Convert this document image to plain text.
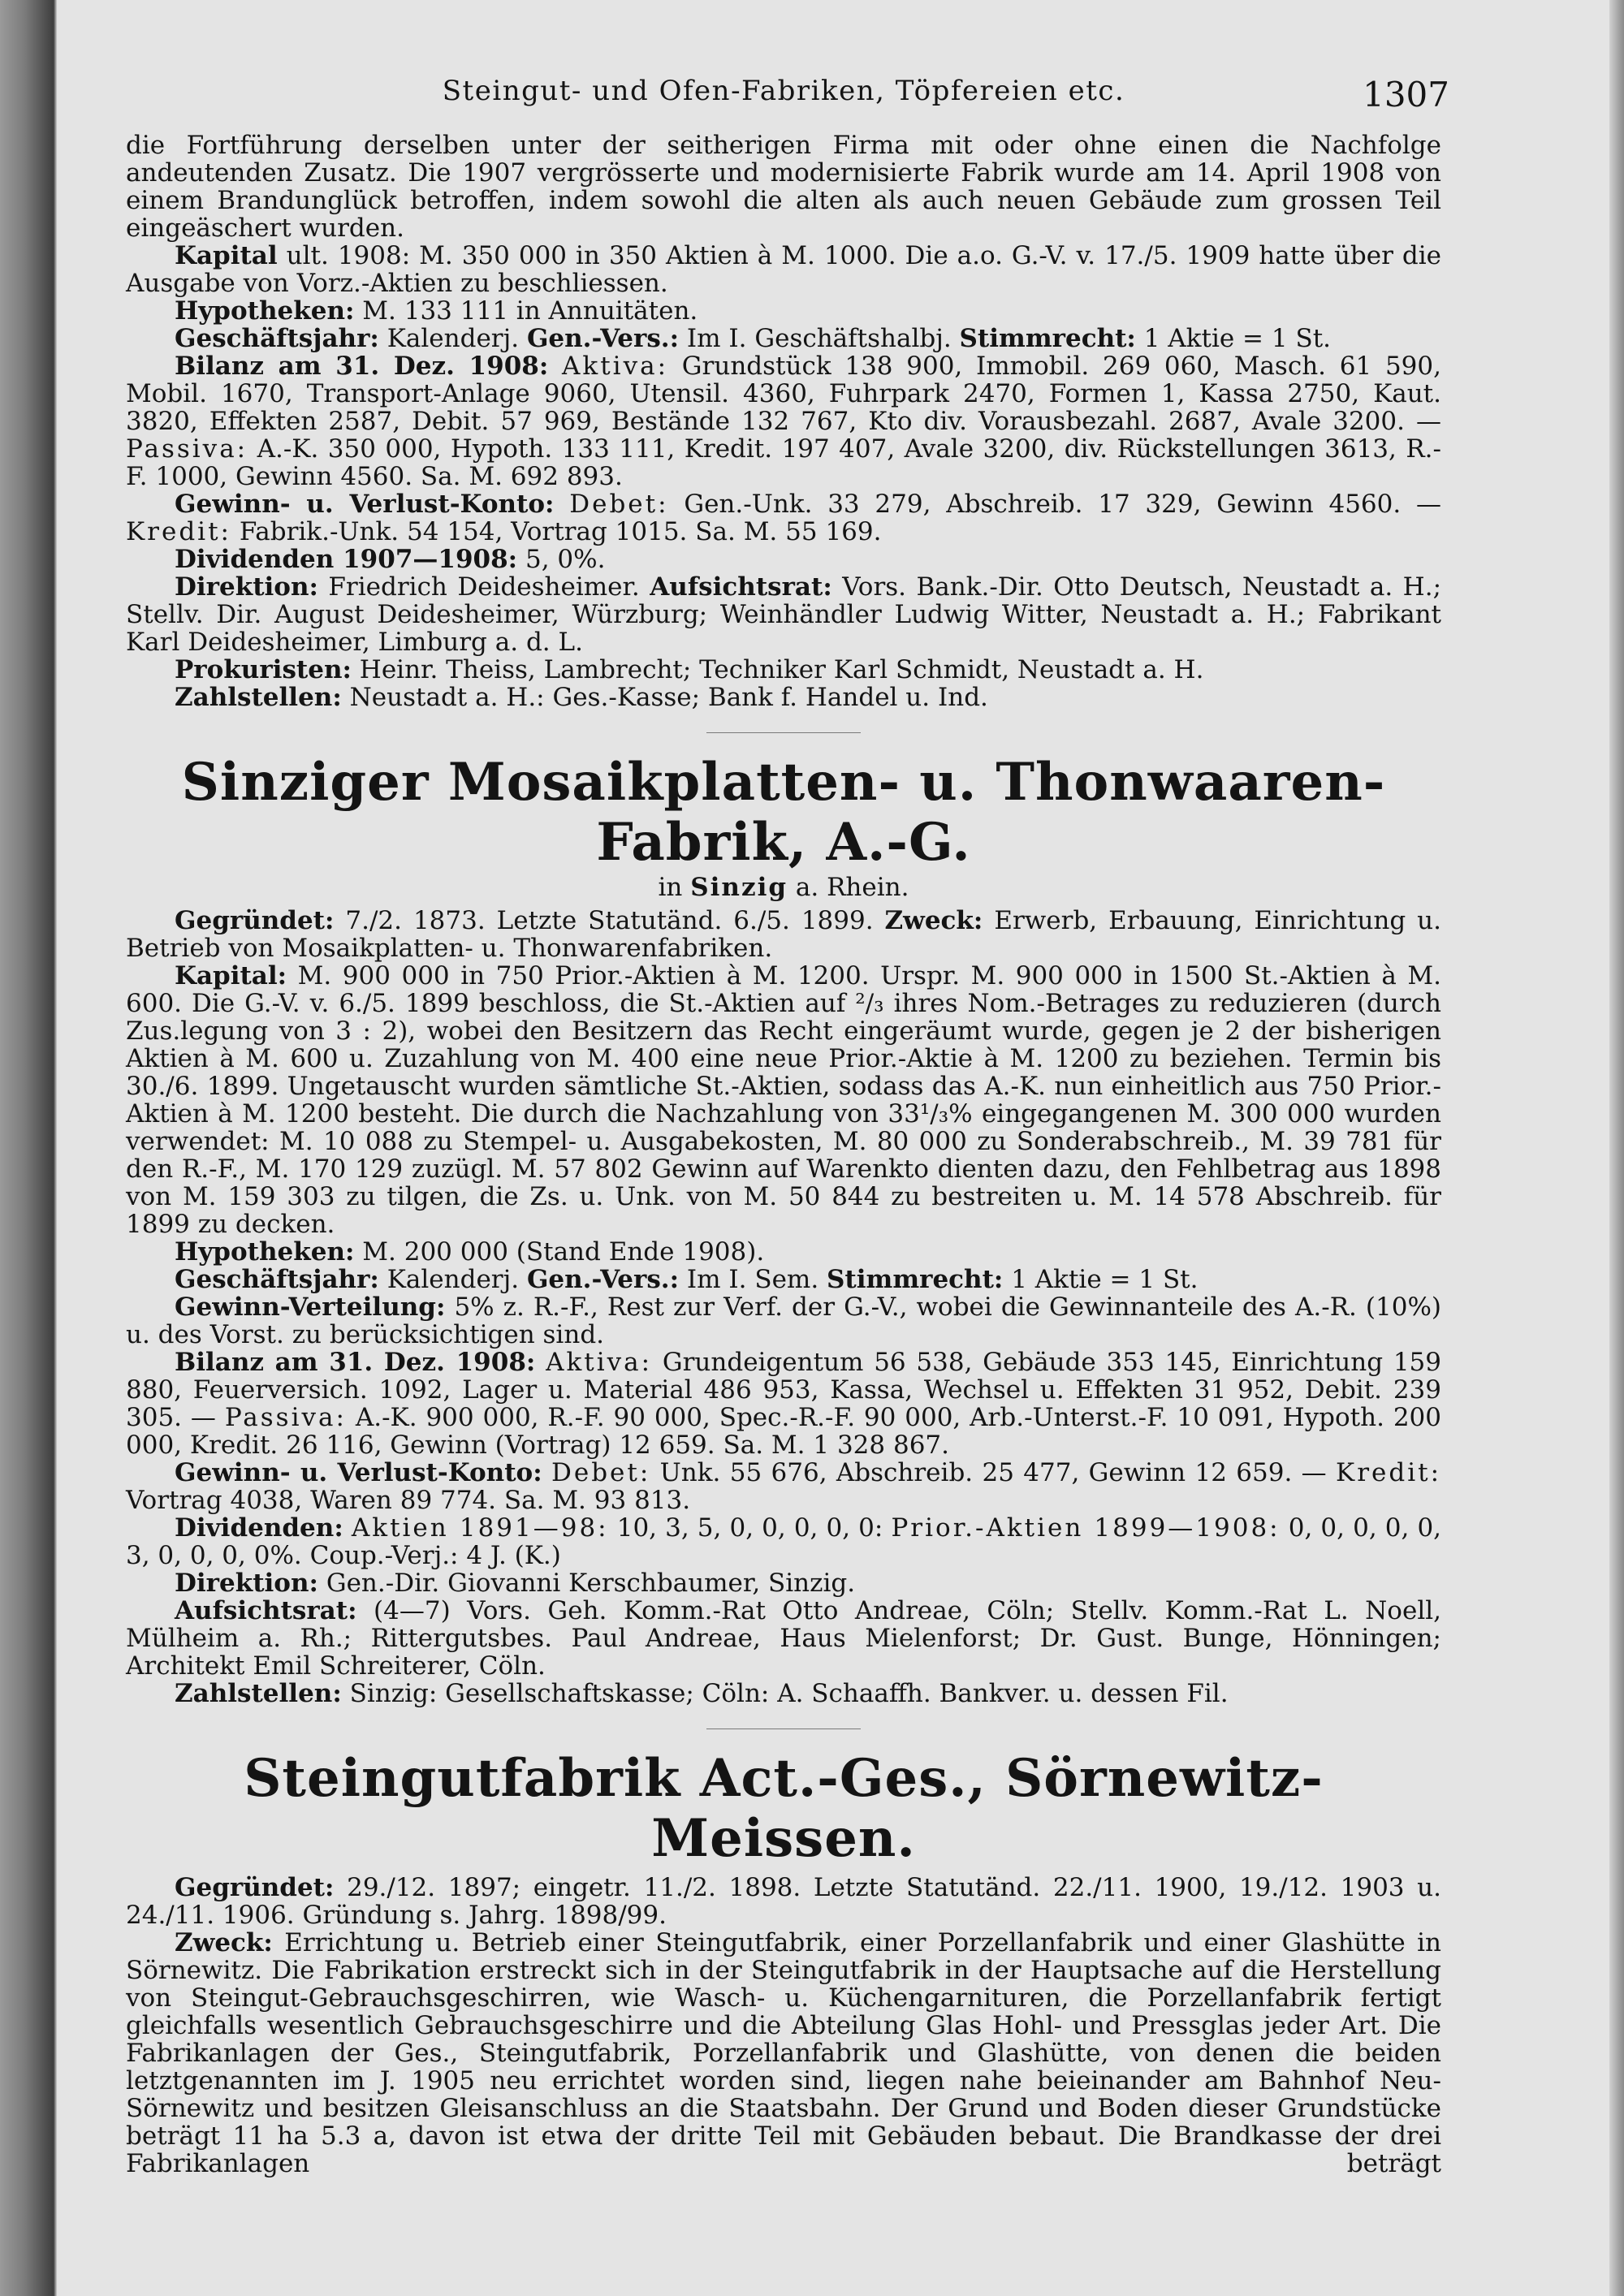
Steingut- und Ofen-Fabriken, Töpfereien etc.	1307

die Fortführung derselben unter der seitherigen Firma mit oder ohne einen die Nachfolge andeutenden Zusatz. Die 1907 vergrösserte und modernisierte Fabrik wurde am 14. April 1908 von einem Brandunglück betroffen, indem sowohl die alten als auch neuen Gebäude zum grossen Teil eingeäschert wurden.

Kapital ult. 1908: M. 350 000 in 350 Aktien à M. 1000. Die a.o. G.-V. v. 17./5. 1909 hatte über die Ausgabe von Vorz.-Aktien zu beschliessen.

Hypotheken: M. 133 111 in Annuitäten.

Geschäftsjahr: Kalenderj. Gen.-Vers.: Im I. Geschäftshalbj. Stimmrecht: 1 Aktie = 1 St.

Bilanz am 31. Dez. 1908: Aktiva: Grundstück 138 900, Immobil. 269 060, Masch. 61 590, Mobil. 1670, Transport-Anlage 9060, Utensil. 4360, Fuhrpark 2470, Formen 1, Kassa 2750, Kaut. 3820, Effekten 2587, Debit. 57 969, Bestände 132 767, Kto div. Vorausbezahl. 2687, Avale 3200. — Passiva: A.-K. 350 000, Hypoth. 133 111, Kredit. 197 407, Avale 3200, div. Rückstellungen 3613, R.-F. 1000, Gewinn 4560. Sa. M. 692 893.

Gewinn- u. Verlust-Konto: Debet: Gen.-Unk. 33 279, Abschreib. 17 329, Gewinn 4560. — Kredit: Fabrik.-Unk. 54 154, Vortrag 1015. Sa. M. 55 169.

Dividenden 1907—1908: 5, 0%.

Direktion: Friedrich Deidesheimer. Aufsichtsrat: Vors. Bank.-Dir. Otto Deutsch, Neustadt a. H.; Stellv. Dir. August Deidesheimer, Würzburg; Weinhändler Ludwig Witter, Neustadt a. H.; Fabrikant Karl Deidesheimer, Limburg a. d. L.

Prokuristen: Heinr. Theiss, Lambrecht; Techniker Karl Schmidt, Neustadt a. H.

Zahlstellen: Neustadt a. H.: Ges.-Kasse; Bank f. Handel u. Ind.

Sinziger Mosaikplatten- u. Thonwaaren-Fabrik, A.-G.
in Sinzig a. Rhein.

Gegründet: 7./2. 1873. Letzte Statutänd. 6./5. 1899. Zweck: Erwerb, Erbauung, Einrichtung u. Betrieb von Mosaikplatten- u. Thonwarenfabriken.

Kapital: M. 900 000 in 750 Prior.-Aktien à M. 1200. Urspr. M. 900 000 in 1500 St.-Aktien à M. 600. Die G.-V. v. 6./5. 1899 beschloss, die St.-Aktien auf ²/₃ ihres Nom.-Betrages zu reduzieren (durch Zus.legung von 3 : 2), wobei den Besitzern das Recht eingeräumt wurde, gegen je 2 der bisherigen Aktien à M. 600 u. Zuzahlung von M. 400 eine neue Prior.-Aktie à M. 1200 zu beziehen. Termin bis 30./6. 1899. Ungetauscht wurden sämtliche St.-Aktien, sodass das A.-K. nun einheitlich aus 750 Prior.-Aktien à M. 1200 besteht. Die durch die Nachzahlung von 33¹/₃% eingegangenen M. 300 000 wurden verwendet: M. 10 088 zu Stempel- u. Ausgabekosten, M. 80 000 zu Sonderabschreib., M. 39 781 für den R.-F., M. 170 129 zuzügl. M. 57 802 Gewinn auf Warenkto dienten dazu, den Fehlbetrag aus 1898 von M. 159 303 zu tilgen, die Zs. u. Unk. von M. 50 844 zu bestreiten u. M. 14 578 Abschreib. für 1899 zu decken.

Hypotheken: M. 200 000 (Stand Ende 1908).

Geschäftsjahr: Kalenderj. Gen.-Vers.: Im I. Sem. Stimmrecht: 1 Aktie = 1 St.

Gewinn-Verteilung: 5% z. R.-F., Rest zur Verf. der G.-V., wobei die Gewinnanteile des A.-R. (10%) u. des Vorst. zu berücksichtigen sind.

Bilanz am 31. Dez. 1908: Aktiva: Grundeigentum 56 538, Gebäude 353 145, Einrichtung 159 880, Feuerversich. 1092, Lager u. Material 486 953, Kassa, Wechsel u. Effekten 31 952, Debit. 239 305. — Passiva: A.-K. 900 000, R.-F. 90 000, Spec.-R.-F. 90 000, Arb.-Unterst.-F. 10 091, Hypoth. 200 000, Kredit. 26 116, Gewinn (Vortrag) 12 659. Sa. M. 1 328 867.

Gewinn- u. Verlust-Konto: Debet: Unk. 55 676, Abschreib. 25 477, Gewinn 12 659. — Kredit: Vortrag 4038, Waren 89 774. Sa. M. 93 813.

Dividenden: Aktien 1891—98: 10, 3, 5, 0, 0, 0, 0, 0: Prior.-Aktien 1899—1908: 0, 0, 0, 0, 0, 3, 0, 0, 0, 0%. Coup.-Verj.: 4 J. (K.)

Direktion: Gen.-Dir. Giovanni Kerschbaumer, Sinzig.

Aufsichtsrat: (4—7) Vors. Geh. Komm.-Rat Otto Andreae, Cöln; Stellv. Komm.-Rat L. Noell, Mülheim a. Rh.; Rittergutsbes. Paul Andreae, Haus Mielenforst; Dr. Gust. Bunge, Hönningen; Architekt Emil Schreiterer, Cöln.

Zahlstellen: Sinzig: Gesellschaftskasse; Cöln: A. Schaaffh. Bankver. u. dessen Fil.

Steingutfabrik Act.-Ges., Sörnewitz-Meissen.

Gegründet: 29./12. 1897; eingetr. 11./2. 1898. Letzte Statutänd. 22./11. 1900, 19./12. 1903 u. 24./11. 1906. Gründung s. Jahrg. 1898/99.

Zweck: Errichtung u. Betrieb einer Steingutfabrik, einer Porzellanfabrik und einer Glashütte in Sörnewitz. Die Fabrikation erstreckt sich in der Steingutfabrik in der Hauptsache auf die Herstellung von Steingut-Gebrauchsgeschirren, wie Wasch- u. Küchengarnituren, die Porzellanfabrik fertigt gleichfalls wesentlich Gebrauchsgeschirre und die Abteilung Glas Hohl- und Pressglas jeder Art. Die Fabrikanlagen der Ges., Steingutfabrik, Porzellanfabrik und Glashütte, von denen die beiden letztgenannten im J. 1905 neu errichtet worden sind, liegen nahe beieinander am Bahnhof Neu-Sörnewitz und besitzen Gleisanschluss an die Staatsbahn. Der Grund und Boden dieser Grundstücke beträgt 11 ha 5.3 a, davon ist etwa der dritte Teil mit Gebäuden bebaut. Die Brandkasse der drei Fabrikanlagen beträgt
